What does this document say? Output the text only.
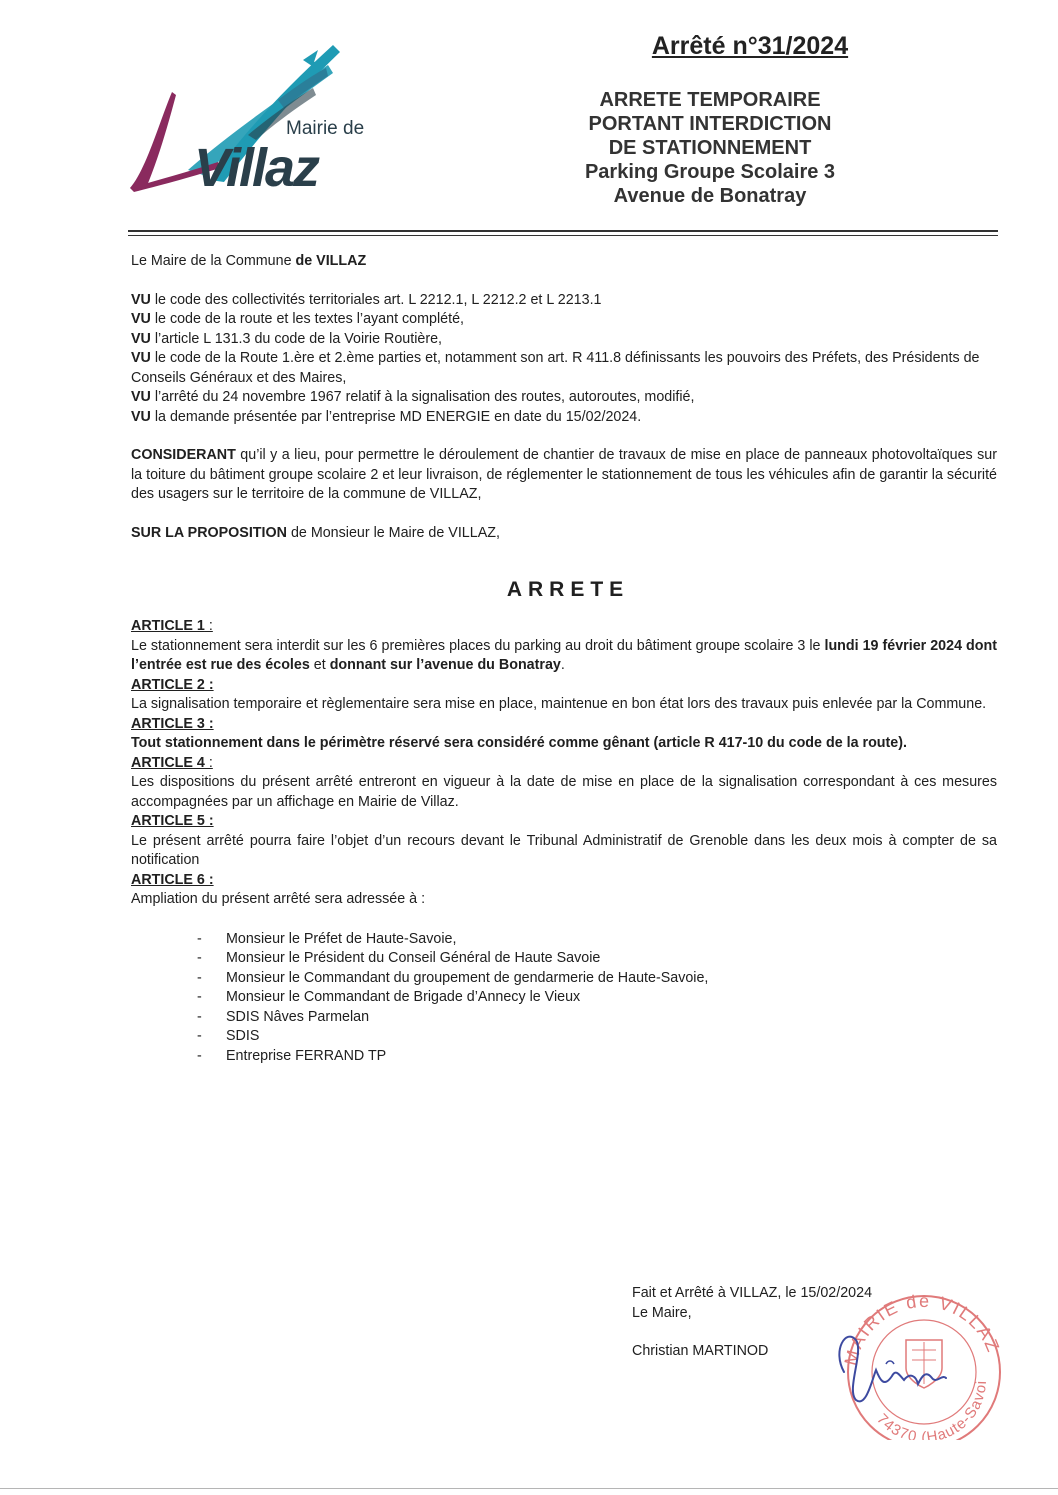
Mairie de
Villaz
Arrêté n°31/2024
ARRETE TEMPORAIRE
PORTANT INTERDICTION
DE STATIONNEMENT
Parking Groupe Scolaire 3
Avenue de Bonatray

Le Maire de la Commune de VILLAZ

VU le code des collectivités territoriales art. L 2212.1, L 2212.2 et L 2213.1

VU le code de la route et les textes l’ayant complété,

VU l’article L 131.3 du code de la Voirie Routière,

VU le code de la Route 1.ère et 2.ème parties et, notamment son art. R 411.8 définissants les pouvoirs des Préfets, des Présidents de Conseils Généraux et des Maires,

VU l’arrêté du 24 novembre 1967 relatif à la signalisation des routes, autoroutes, modifié,

VU la demande présentée par l’entreprise MD ENERGIE en date du 15/02/2024.

CONSIDERANT qu’il y a lieu, pour permettre le déroulement de chantier de travaux de mise en place de panneaux photovoltaïques sur la toiture du bâtiment groupe scolaire 2 et leur livraison, de réglementer le stationnement de tous les véhicules afin de garantir la sécurité des usagers sur le territoire de la commune de VILLAZ,

SUR LA PROPOSITION de Monsieur le Maire de VILLAZ,

ARRETE

ARTICLE 1 :

Le stationnement sera interdit sur les 6 premières places du parking au droit du bâtiment groupe scolaire 3 le lundi 19 février 2024 dont l’entrée est rue des écoles et donnant sur l’avenue du Bonatray.

ARTICLE 2 :

La signalisation temporaire et règlementaire sera mise en place, maintenue en bon état lors des travaux puis enlevée par la Commune.

ARTICLE 3 :

Tout stationnement dans le périmètre réservé sera considéré comme gênant (article R 417-10 du code de la route).

ARTICLE 4 :

Les dispositions du présent arrêté entreront en vigueur à la date de mise en place de la signalisation correspondant à ces mesures accompagnées par un affichage en Mairie de Villaz.

ARTICLE 5 :

Le présent arrêté pourra faire l’objet d’un recours devant le Tribunal Administratif de Grenoble dans les deux mois à compter de sa notification

ARTICLE 6 :

Ampliation du présent arrêté sera adressée à :

- Monsieur le Préfet de Haute-Savoie,
- Monsieur le Président du Conseil Général de Haute Savoie
- Monsieur le Commandant du groupement de gendarmerie de Haute-Savoie,
- Monsieur le Commandant de Brigade d’Annecy le Vieux
- SDIS Nâves Parmelan
- SDIS
- Entreprise FERRAND TP
Fait et Arrêté à VILLAZ, le 15/02/2024
Le Maire,
Christian MARTINOD	MAIRIE de VILLAZ
74370 (Haute-Savoi
